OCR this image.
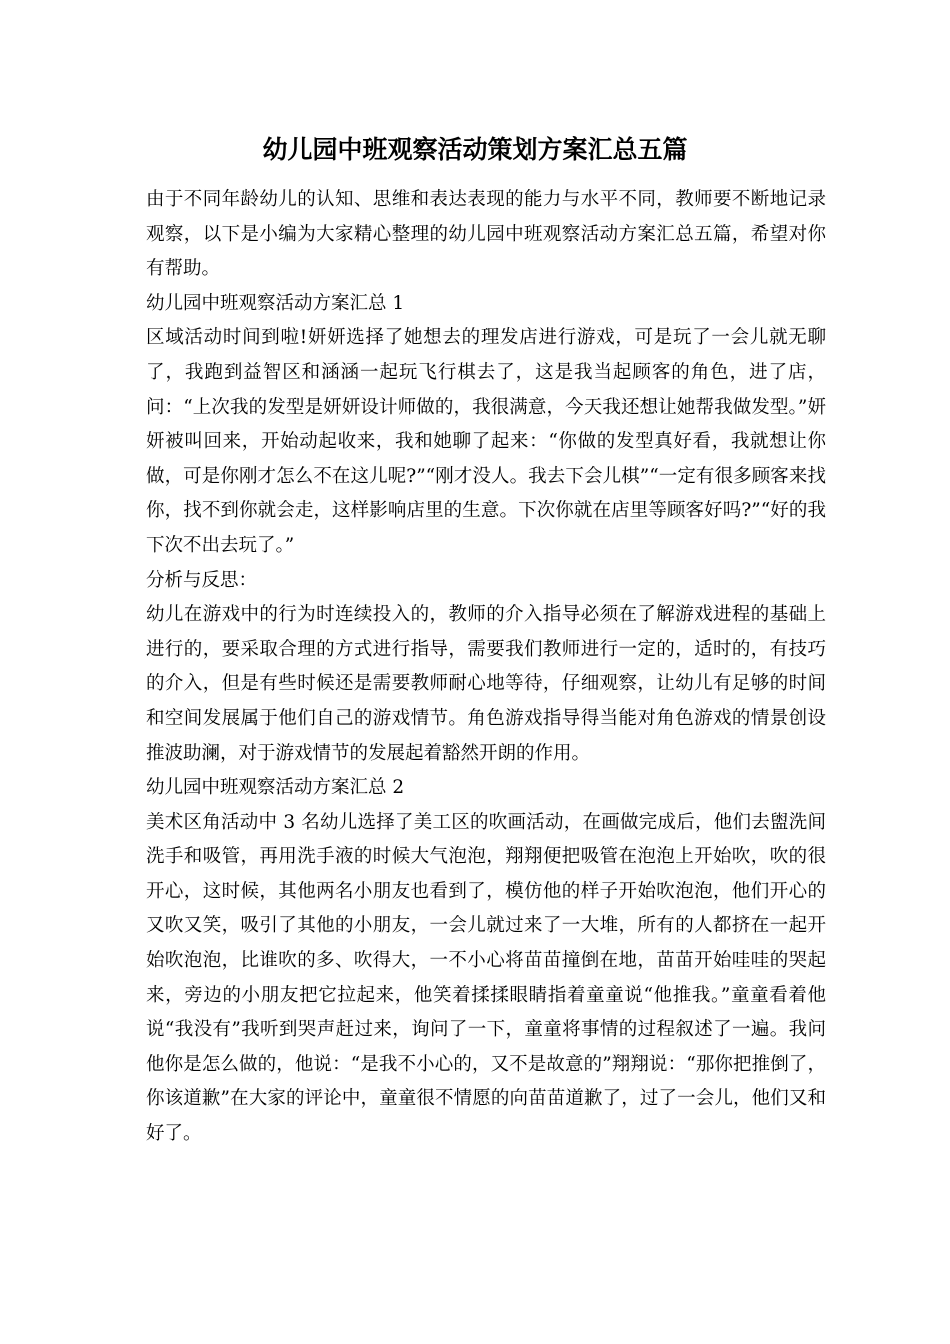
幼儿园中班观察活动策划方案汇总五篇

由于不同年龄幼儿的认知、思维和表达表现的能力与水平不同，教师要不断地记录观察，以下是小编为大家精心整理的幼儿园中班观察活动方案汇总五篇，希望对你有帮助。

幼儿园中班观察活动方案汇总 1

区域活动时间到啦!妍妍选择了她想去的理发店进行游戏，可是玩了一会儿就无聊了，我跑到益智区和涵涵一起玩飞行棋去了，这是我当起顾客的角色，进了店，问：“上次我的发型是妍妍设计师做的，我很满意，今天我还想让她帮我做发型。”妍妍被叫回来，开始动起收来，我和她聊了起来：“你做的发型真好看，我就想让你做，可是你刚才怎么不在这儿呢?”“刚才没人。我去下会儿棋”“一定有很多顾客来找你，找不到你就会走，这样影响店里的生意。下次你就在店里等顾客好吗?”“好的我下次不出去玩了。”

分析与反思：

幼儿在游戏中的行为时连续投入的，教师的介入指导必须在了解游戏进程的基础上进行的，要采取合理的方式进行指导，需要我们教师进行一定的，适时的，有技巧的介入，但是有些时候还是需要教师耐心地等待，仔细观察，让幼儿有足够的时间和空间发展属于他们自己的游戏情节。角色游戏指导得当能对角色游戏的情景创设推波助澜，对于游戏情节的发展起着豁然开朗的作用。

幼儿园中班观察活动方案汇总 2

美术区角活动中 3 名幼儿选择了美工区的吹画活动，在画做完成后，他们去盥洗间洗手和吸管，再用洗手液的时候大气泡泡，翔翔便把吸管在泡泡上开始吹，吹的很开心，这时候，其他两名小朋友也看到了，模仿他的样子开始吹泡泡，他们开心的又吹又笑，吸引了其他的小朋友，一会儿就过来了一大堆，所有的人都挤在一起开始吹泡泡，比谁吹的多、吹得大，一不小心将苗苗撞倒在地，苗苗开始哇哇的哭起来，旁边的小朋友把它拉起来，他笑着揉揉眼睛指着童童说“他推我。”童童看着他说“我没有”我听到哭声赶过来，询问了一下，童童将事情的过程叙述了一遍。我问他你是怎么做的，他说：“是我不小心的，又不是故意的”翔翔说：“那你把推倒了，你该道歉”在大家的评论中，童童很不情愿的向苗苗道歉了，过了一会儿，他们又和好了。
